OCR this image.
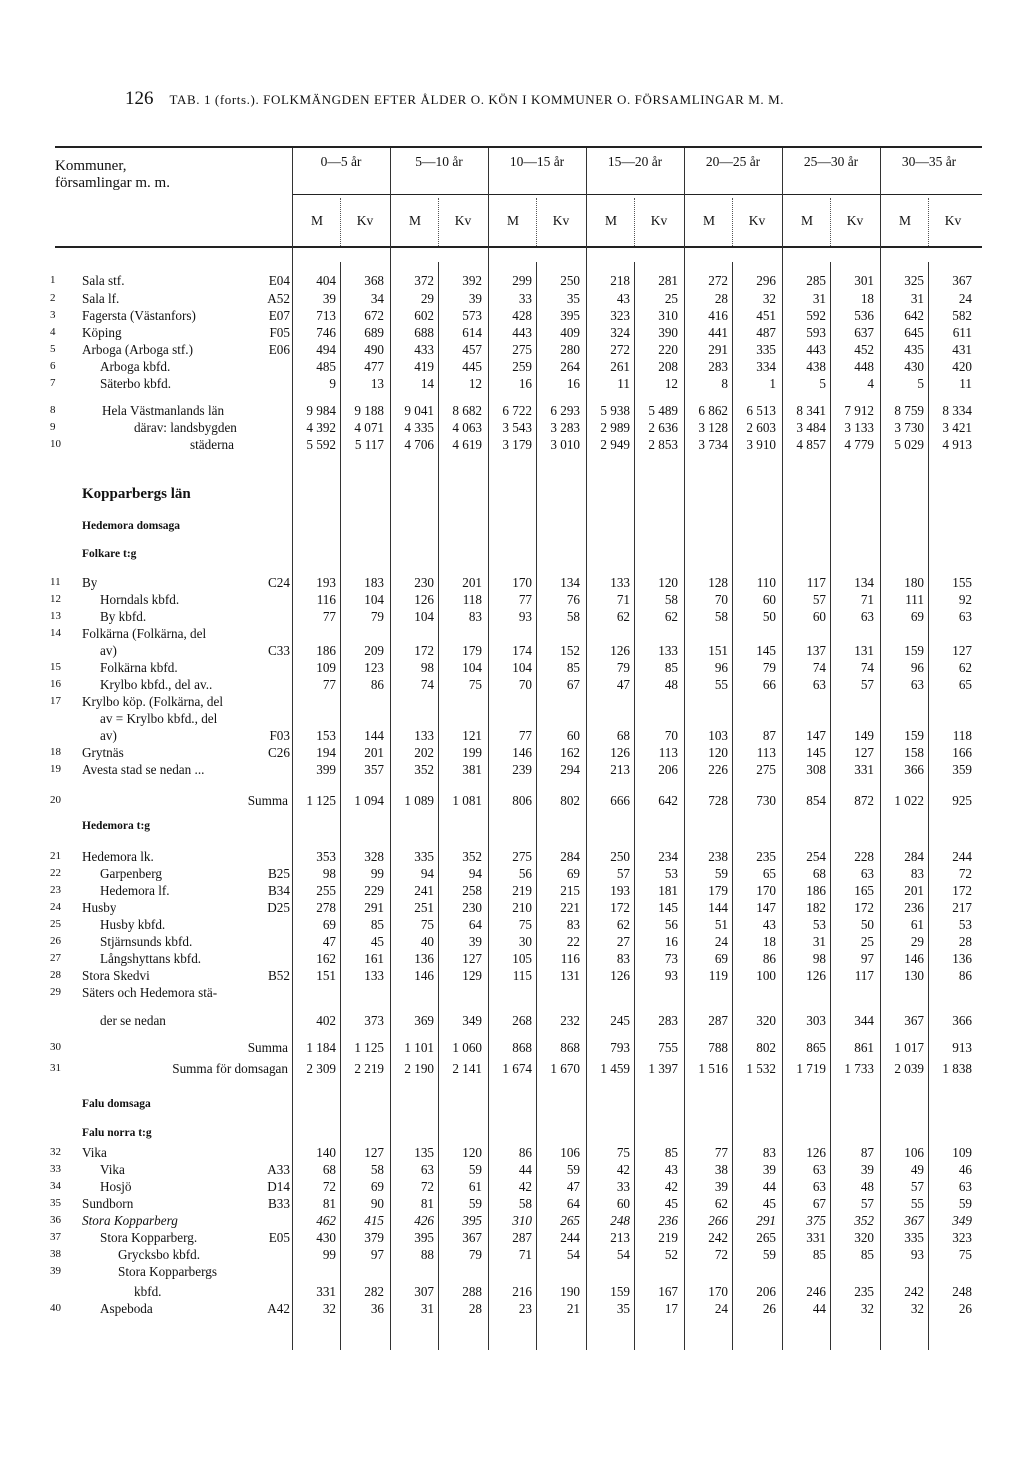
126 TAB. 1 (forts.). FOLKMÄNGDEN EFTER ÅLDER O. KÖN I KOMMUNER O. FÖRSAMLINGAR M. M.
Kommuner,
församlingar m. m.
0—5 år
M	Kv
5—10 år
M	Kv
10—15 år
M	Kv
15—20 år
M	Kv
20—25 år
M	Kv
25—30 år
M	Kv
30—35 år
M	Kv
1	Sala stf.	E04	404	368	372	392	299	250	218	281	272	296	285	301	325	367
2	Sala lf.	A52	39	34	29	39	33	35	43	25	28	32	31	18	31	24
3	Fagersta (Västanfors)	E07	713	672	602	573	428	395	323	310	416	451	592	536	642	582
4	Köping	F05	746	689	688	614	443	409	324	390	441	487	593	637	645	611
5	Arboga (Arboga stf.)	E06	494	490	433	457	275	280	272	220	291	335	443	452	435	431
6	Arboga kbfd.	485	477	419	445	259	264	261	208	283	334	438	448	430	420
7	Säterbo kbfd.	9	13	14	12	16	16	11	12	8	1	5	4	5	11
8	Hela Västmanlands län	9 984	9 188	9 041	8 682	6 722	6 293	5 938	5 489	6 862	6 513	8 341	7 912	8 759	8 334
9	därav: landsbygden	4 392	4 071	4 335	4 063	3 543	3 283	2 989	2 636	3 128	2 603	3 484	3 133	3 730	3 421
10	städerna	5 592	5 117	4 706	4 619	3 179	3 010	2 949	2 853	3 734	3 910	4 857	4 779	5 029	4 913
11	By	C24	193	183	230	201	170	134	133	120	128	110	117	134	180	155
12	Horndals kbfd.	116	104	126	118	77	76	71	58	70	60	57	71	111	92
13	By kbfd.	77	79	104	83	93	58	62	62	58	50	60	63	69	63
14	Folkärna (Folkärna, del
av)	C33	186	209	172	179	174	152	126	133	151	145	137	131	159	127
15	Folkärna kbfd.	109	123	98	104	104	85	79	85	96	79	74	74	96	62
16	Krylbo kbfd., del av..	77	86	74	75	70	67	47	48	55	66	63	57	63	65
17	Krylbo köp. (Folkärna, del
av = Krylbo kbfd., del
av)	F03	153	144	133	121	77	60	68	70	103	87	147	149	159	118
18	Grytnäs	C26	194	201	202	199	146	162	126	113	120	113	145	127	158	166
19	Avesta stad se nedan ...	399	357	352	381	239	294	213	206	226	275	308	331	366	359
20	Summa	1 125	1 094	1 089	1 081	806	802	666	642	728	730	854	872	1 022	925
21	Hedemora lk.	353	328	335	352	275	284	250	234	238	235	254	228	284	244
22	Garpenberg	B25	98	99	94	94	56	69	57	53	59	65	68	63	83	72
23	Hedemora lf.	B34	255	229	241	258	219	215	193	181	179	170	186	165	201	172
24	Husby	D25	278	291	251	230	210	221	172	145	144	147	182	172	236	217
25	Husby kbfd.	69	85	75	64	75	83	62	56	51	43	53	50	61	53
26	Stjärnsunds kbfd.	47	45	40	39	30	22	27	16	24	18	31	25	29	28
27	Långshyttans kbfd.	162	161	136	127	105	116	83	73	69	86	98	97	146	136
28	Stora Skedvi	B52	151	133	146	129	115	131	126	93	119	100	126	117	130	86
29	Säters och Hedemora stä-
der se nedan	402	373	369	349	268	232	245	283	287	320	303	344	367	366
30	Summa	1 184	1 125	1 101	1 060	868	868	793	755	788	802	865	861	1 017	913
31	Summa för domsagan	2 309	2 219	2 190	2 141	1 674	1 670	1 459	1 397	1 516	1 532	1 719	1 733	2 039	1 838
32	Vika	140	127	135	120	86	106	75	85	77	83	126	87	106	109
33	Vika	A33	68	58	63	59	44	59	42	43	38	39	63	39	49	46
34	Hosjö	D14	72	69	72	61	42	47	33	42	39	44	63	48	57	63
35	Sundborn	B33	81	90	81	59	58	64	60	45	62	45	67	57	55	59
36	Stora Kopparberg	462	415	426	395	310	265	248	236	266	291	375	352	367	349
37	Stora Kopparberg.	E05	430	379	395	367	287	244	213	219	242	265	331	320	335	323
38	Grycksbo kbfd.	99	97	88	79	71	54	54	52	72	59	85	85	93	75
39	Stora Kopparbergs
kbfd.	331	282	307	288	216	190	159	167	170	206	246	235	242	248
40	Aspeboda	A42	32	36	31	28	23	21	35	17	24	26	44	32	32	26
Kopparbergs län
Hedemora domsaga
Folkare t:g
Hedemora t:g
Falu domsaga
Falu norra t:g
